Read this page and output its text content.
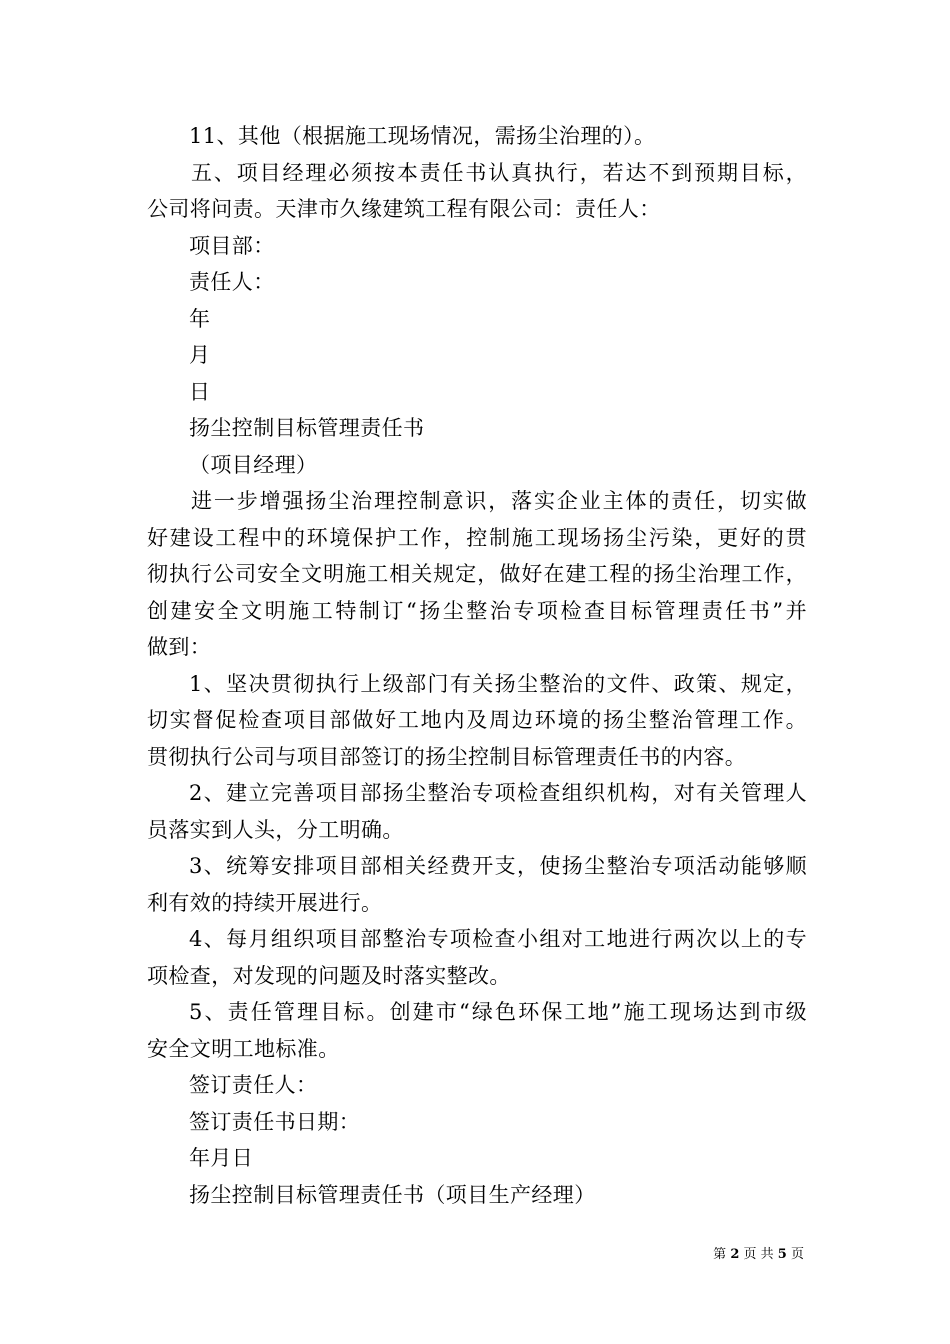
11、其他（根据施工现场情况，需扬尘治理的）。
五、项目经理必须按本责任书认真执行，若达不到预期目标，
公司将问责。天津市久缘建筑工程有限公司：责任人：
项目部：
责任人：
年
月
日
扬尘控制目标管理责任书
（项目经理）
进一步增强扬尘治理控制意识，落实企业主体的责任，切实做
好建设工程中的环境保护工作，控制施工现场扬尘污染，更好的贯
彻执行公司安全文明施工相关规定，做好在建工程的扬尘治理工作，
创建安全文明施工特制订“扬尘整治专项检查目标管理责任书”并
做到：
1、坚决贯彻执行上级部门有关扬尘整治的文件、政策、规定，
切实督促检查项目部做好工地内及周边环境的扬尘整治管理工作。
贯彻执行公司与项目部签订的扬尘控制目标管理责任书的内容。
2、建立完善项目部扬尘整治专项检查组织机构，对有关管理人
员落实到人头，分工明确。
3、统筹安排项目部相关经费开支，使扬尘整治专项活动能够顺
利有效的持续开展进行。
4、每月组织项目部整治专项检查小组对工地进行两次以上的专
项检查，对发现的问题及时落实整改。
5、责任管理目标。创建市“绿色环保工地”施工现场达到市级
安全文明工地标准。
签订责任人：
签订责任书日期：
年月日
扬尘控制目标管理责任书（项目生产经理）
第 2 页 共 5 页
